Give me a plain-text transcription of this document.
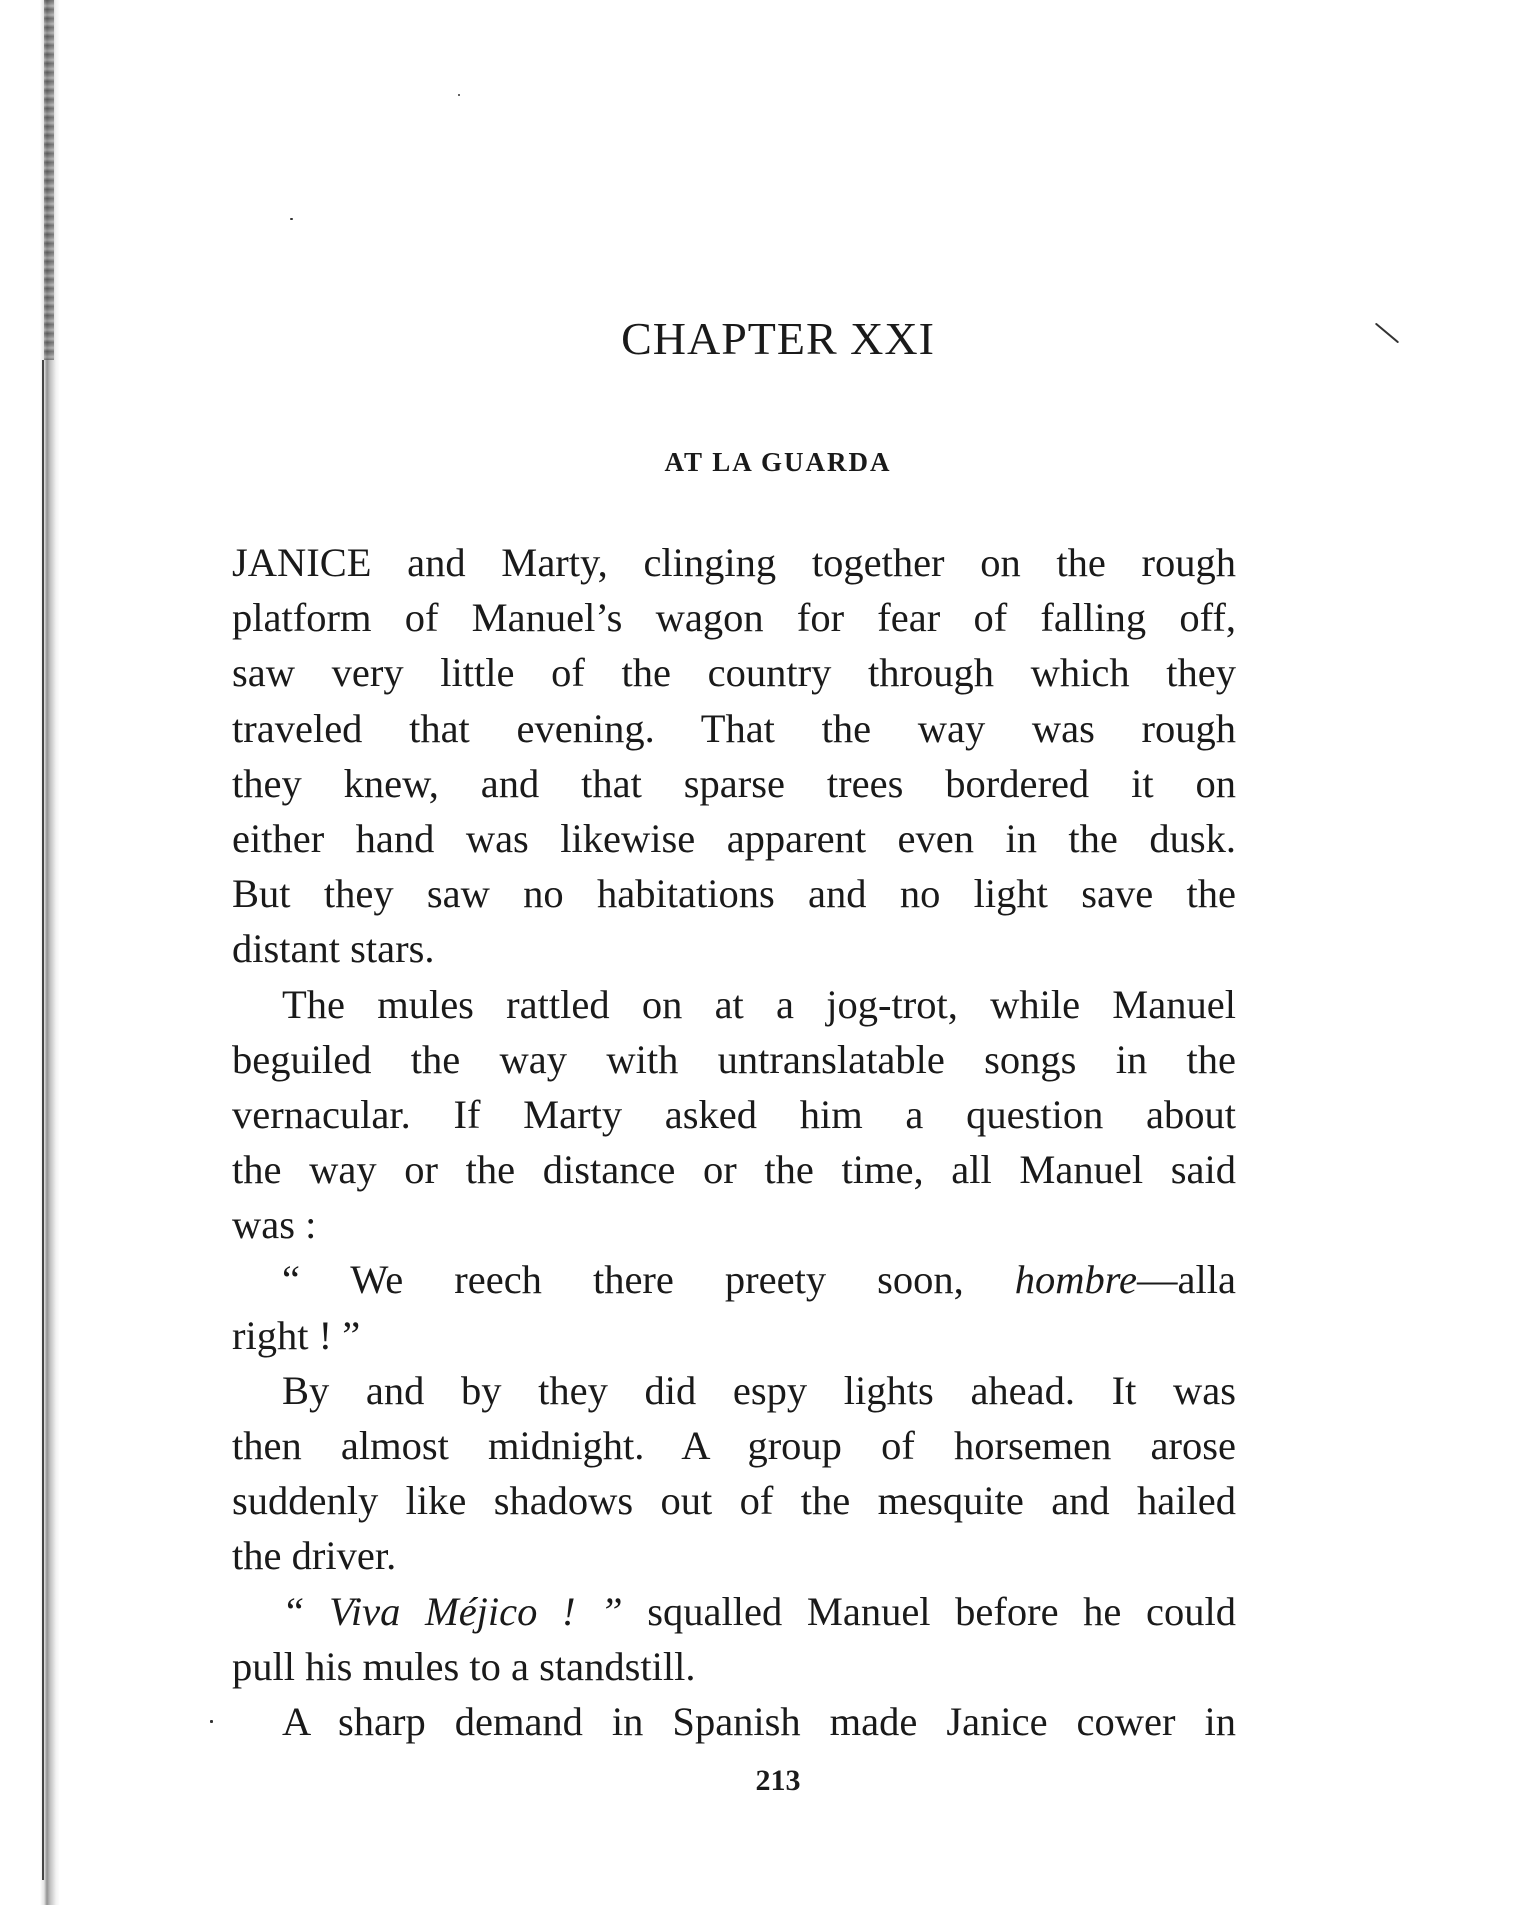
CHAPTER XXI
AT LA GUARDA
JANICE and Marty, clinging together on the rough
platform of Manuel’s wagon for fear of falling off,
saw very little of the country through which they
traveled that evening. That the way was rough
they knew, and that sparse trees bordered it on
either hand was likewise apparent even in the dusk.
But they saw no habitations and no light save the
distant stars.
The mules rattled on at a jog-trot, while Manuel
beguiled the way with untranslatable songs in the
vernacular. If Marty asked him a question about
the way or the distance or the time, all Manuel said
was :
“ We reech there preety soon, hombre—alla
right ! ”
By and by they did espy lights ahead. It was
then almost midnight. A group of horsemen arose
suddenly like shadows out of the mesquite and hailed
the driver.
“ Viva Méjico ! ” squalled Manuel before he could
pull his mules to a standstill.
A sharp demand in Spanish made Janice cower in
213
